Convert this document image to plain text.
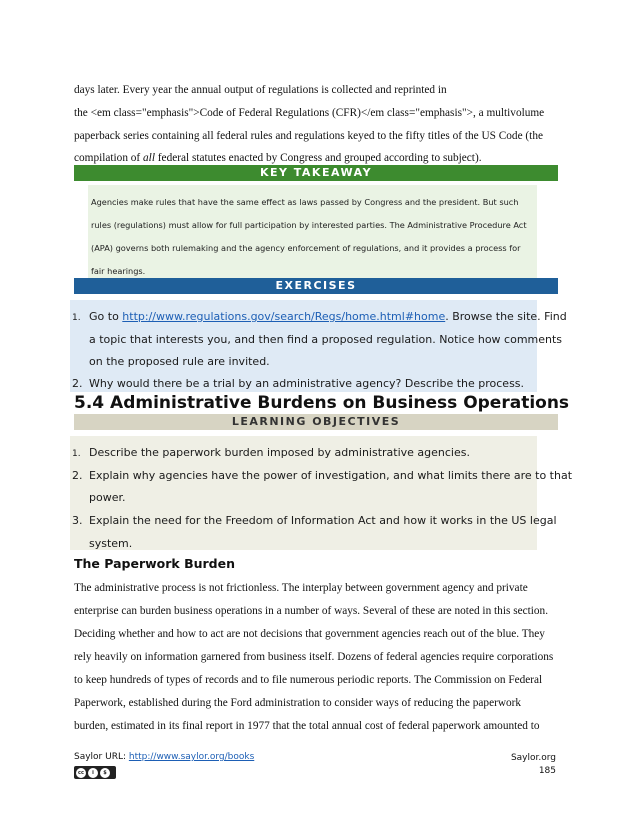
days later. Every year the annual output of regulations is collected and reprinted in
the <em class="emphasis">Code of Federal Regulations (CFR)</em class="emphasis">, a multivolume
paperback series containing all federal rules and regulations keyed to the fifty titles of the US Code (the
compilation of all federal statutes enacted by Congress and grouped according to subject).
KEY TAKEAWAY
Agencies make rules that have the same effect as laws passed by Congress and the president. But such
rules (regulations) must allow for full participation by interested parties. The Administrative Procedure Act
(APA) governs both rulemaking and the agency enforcement of regulations, and it provides a process for
fair hearings.
EXERCISES
1. Go to http://www.regulations.gov/search/Regs/home.html#home. Browse the site. Find
a topic that interests you, and then find a proposed regulation. Notice how comments
on the proposed rule are invited.
2. Why would there be a trial by an administrative agency? Describe the process.
5.4 Administrative Burdens on Business Operations
LEARNING OBJECTIVES
1. Describe the paperwork burden imposed by administrative agencies.
2. Explain why agencies have the power of investigation, and what limits there are to that
power.
3. Explain the need for the Freedom of Information Act and how it works in the US legal
system.
The Paperwork Burden
The administrative process is not frictionless. The interplay between government agency and private
enterprise can burden business operations in a number of ways. Several of these are noted in this section.
Deciding whether and how to act are not decisions that government agencies reach out of the blue. They
rely heavily on information garnered from business itself. Dozens of federal agencies require corporations
to keep hundreds of types of records and to file numerous periodic reports. The Commission on Federal
Paperwork, established during the Ford administration to consider ways of reducing the paperwork
burden, estimated in its final report in 1977 that the total annual cost of federal paperwork amounted to
Saylor URL: http://www.saylor.org/books
cc	i	$
Saylor.org
185
